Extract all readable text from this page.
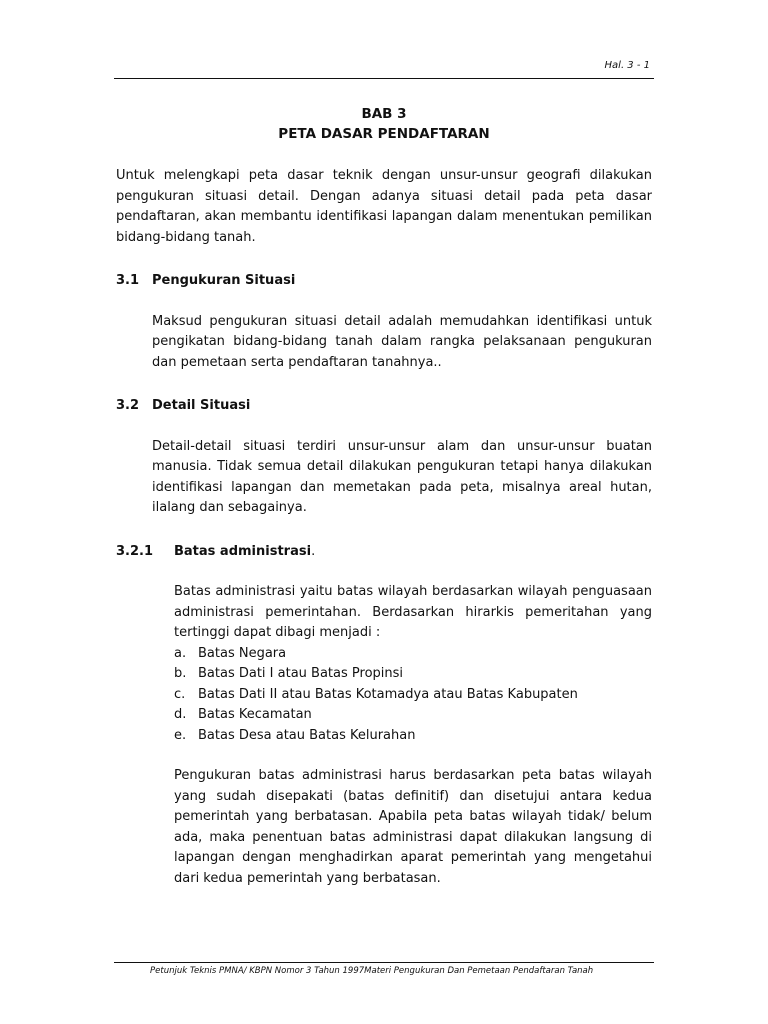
Hal. 3 - 1
BAB 3
PETA DASAR PENDAFTARAN

Untuk melengkapi peta dasar teknik dengan unsur-unsur geografi dilakukan pengukuran situasi detail. Dengan adanya situasi detail pada peta dasar pendaftaran, akan membantu identifikasi lapangan dalam menentukan pemilikan bidang-bidang tanah.

3.1 Pengukuran Situasi

Maksud pengukuran situasi detail adalah memudahkan identifikasi untuk pengikatan bidang-bidang tanah dalam rangka pelaksanaan pengukuran dan pemetaan serta pendaftaran tanahnya..

3.2 Detail Situasi

Detail-detail situasi terdiri unsur-unsur alam dan unsur-unsur buatan manusia. Tidak semua detail dilakukan pengukuran tetapi hanya dilakukan identifikasi lapangan dan memetakan pada peta, misalnya areal hutan, ilalang dan sebagainya.

3.2.1 Batas administrasi.

Batas administrasi yaitu batas wilayah berdasarkan wilayah penguasaan administrasi pemerintahan. Berdasarkan hirarkis pemeritahan yang tertinggi dapat dibagi menjadi :

a. Batas Negara
b. Batas Dati I atau Batas Propinsi
c. Batas Dati II atau Batas Kotamadya atau Batas Kabupaten
d. Batas Kecamatan
e. Batas Desa atau Batas Kelurahan

Pengukuran batas administrasi harus berdasarkan peta batas wilayah yang sudah disepakati (batas definitif) dan disetujui antara kedua pemerintah yang berbatasan. Apabila peta batas wilayah tidak/ belum ada, maka penentuan batas administrasi dapat dilakukan langsung di lapangan dengan menghadirkan aparat pemerintah yang mengetahui dari kedua pemerintah yang berbatasan.

Petunjuk Teknis PMNA/ KBPN Nomor 3 Tahun 1997Materi Pengukuran Dan Pemetaan Pendaftaran Tanah
